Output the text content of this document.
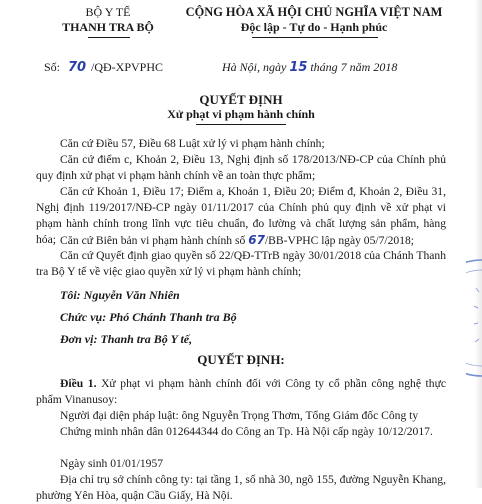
BỘ Y TẾ
THANH TRA BỘ
CỘNG HÒA XÃ HỘI CHỦ NGHĨA VIỆT NAM
Độc lập - Tự do - Hạnh phúc
Số: 70 /QĐ-XPVPHC	Hà Nội, ngày 15 tháng 7 năm 2018
QUYẾT ĐỊNH
Xử phạt vi phạm hành chính
Căn cứ Điều 57, Điều 68 Luật xử lý vi phạm hành chính;
Căn cứ điểm c, Khoản 2, Điều 13, Nghị định số 178/2013/NĐ-CP của Chính phủ quy định xử phạt vi phạm hành chính về an toàn thực phẩm;
Căn cứ Khoản 1, Điều 17; Điểm a, Khoản 1, Điều 20; Điểm đ, Khoản 2, Điều 31, Nghị định 119/2017/NĐ-CP ngày 01/11/2017 của Chính phủ quy định về xử phạt vi phạm hành chính trong lĩnh vực tiêu chuẩn, đo lường và chất lượng sản phẩm, hàng hóa; Căn cứ Biên bản vi phạm hành chính số 67/BB-VPHC lập ngày 05/7/2018;
Căn cứ Quyết định giao quyền số 22/QĐ-TTrB ngày 30/01/2018 của Chánh Thanh tra Bộ Y tế về việc giao quyền xử lý vi phạm hành chính;
Tôi: Nguyễn Văn Nhiên
Chức vụ: Phó Chánh Thanh tra Bộ
Đơn vị: Thanh tra Bộ Y tế,
QUYẾT ĐỊNH:
Điều 1. Xử phạt vi phạm hành chính đối với Công ty cổ phần công nghệ thực phẩm Vinanusoy:
Người đại diện pháp luật: ông Nguyễn Trọng Thơm, Tổng Giám đốc Công ty
Chứng minh nhân dân 012644344 do Công an Tp. Hà Nội cấp ngày 10/12/2017.
Ngày sinh 01/01/1957
Địa chỉ trụ sở chính công ty: tại tầng 1, số nhà 30, ngõ 155, đường Nguyễn Khang, phường Yên Hòa, quận Cầu Giấy, Hà Nội.
